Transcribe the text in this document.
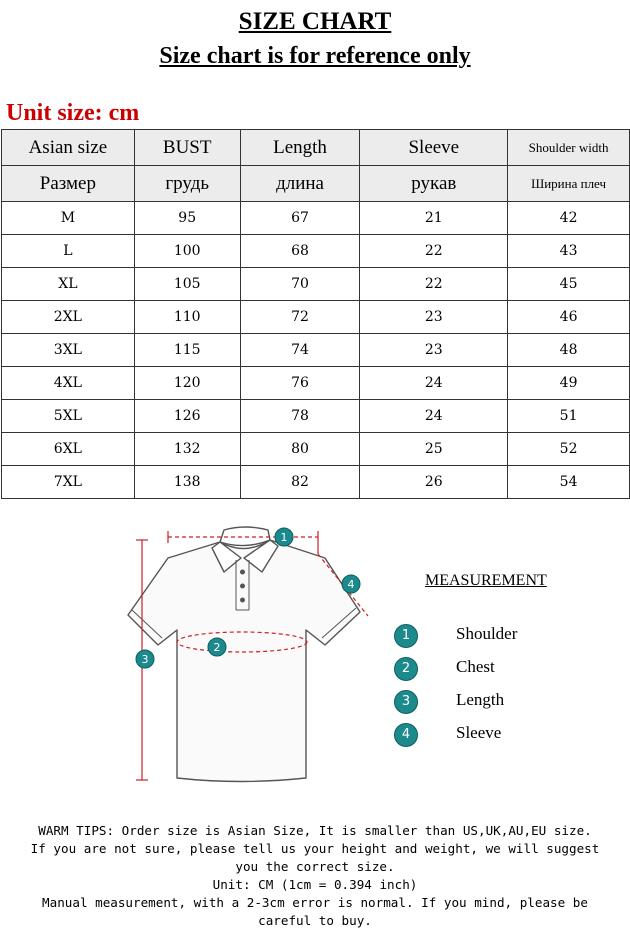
SIZE CHART
Size chart is for reference only
Unit size: cm
Asian size	BUST	Length	Sleeve	Shoulder width
Размер	грудь	длина	рукав	Ширина плеч
M	95	67	21	42
L	100	68	22	43
XL	105	70	22	45
2XL	110	72	23	46
3XL	115	74	23	48
4XL	120	76	24	49
5XL	126	78	24	51
6XL	132	80	25	52
7XL	138	82	26	54
1
4
2
3
MEASUREMENT
1	Shoulder
2	Chest
3	Length
4	Sleeve
WARM TIPS: Order size is Asian Size, It is smaller than US,UK,AU,EU size.
If you are not sure, please tell us your height and weight, we will suggest
you the correct size.
Unit: CM (1cm = 0.394 inch)
Manual measurement, with a 2-3cm error is normal. If you mind, please be
careful to buy.
